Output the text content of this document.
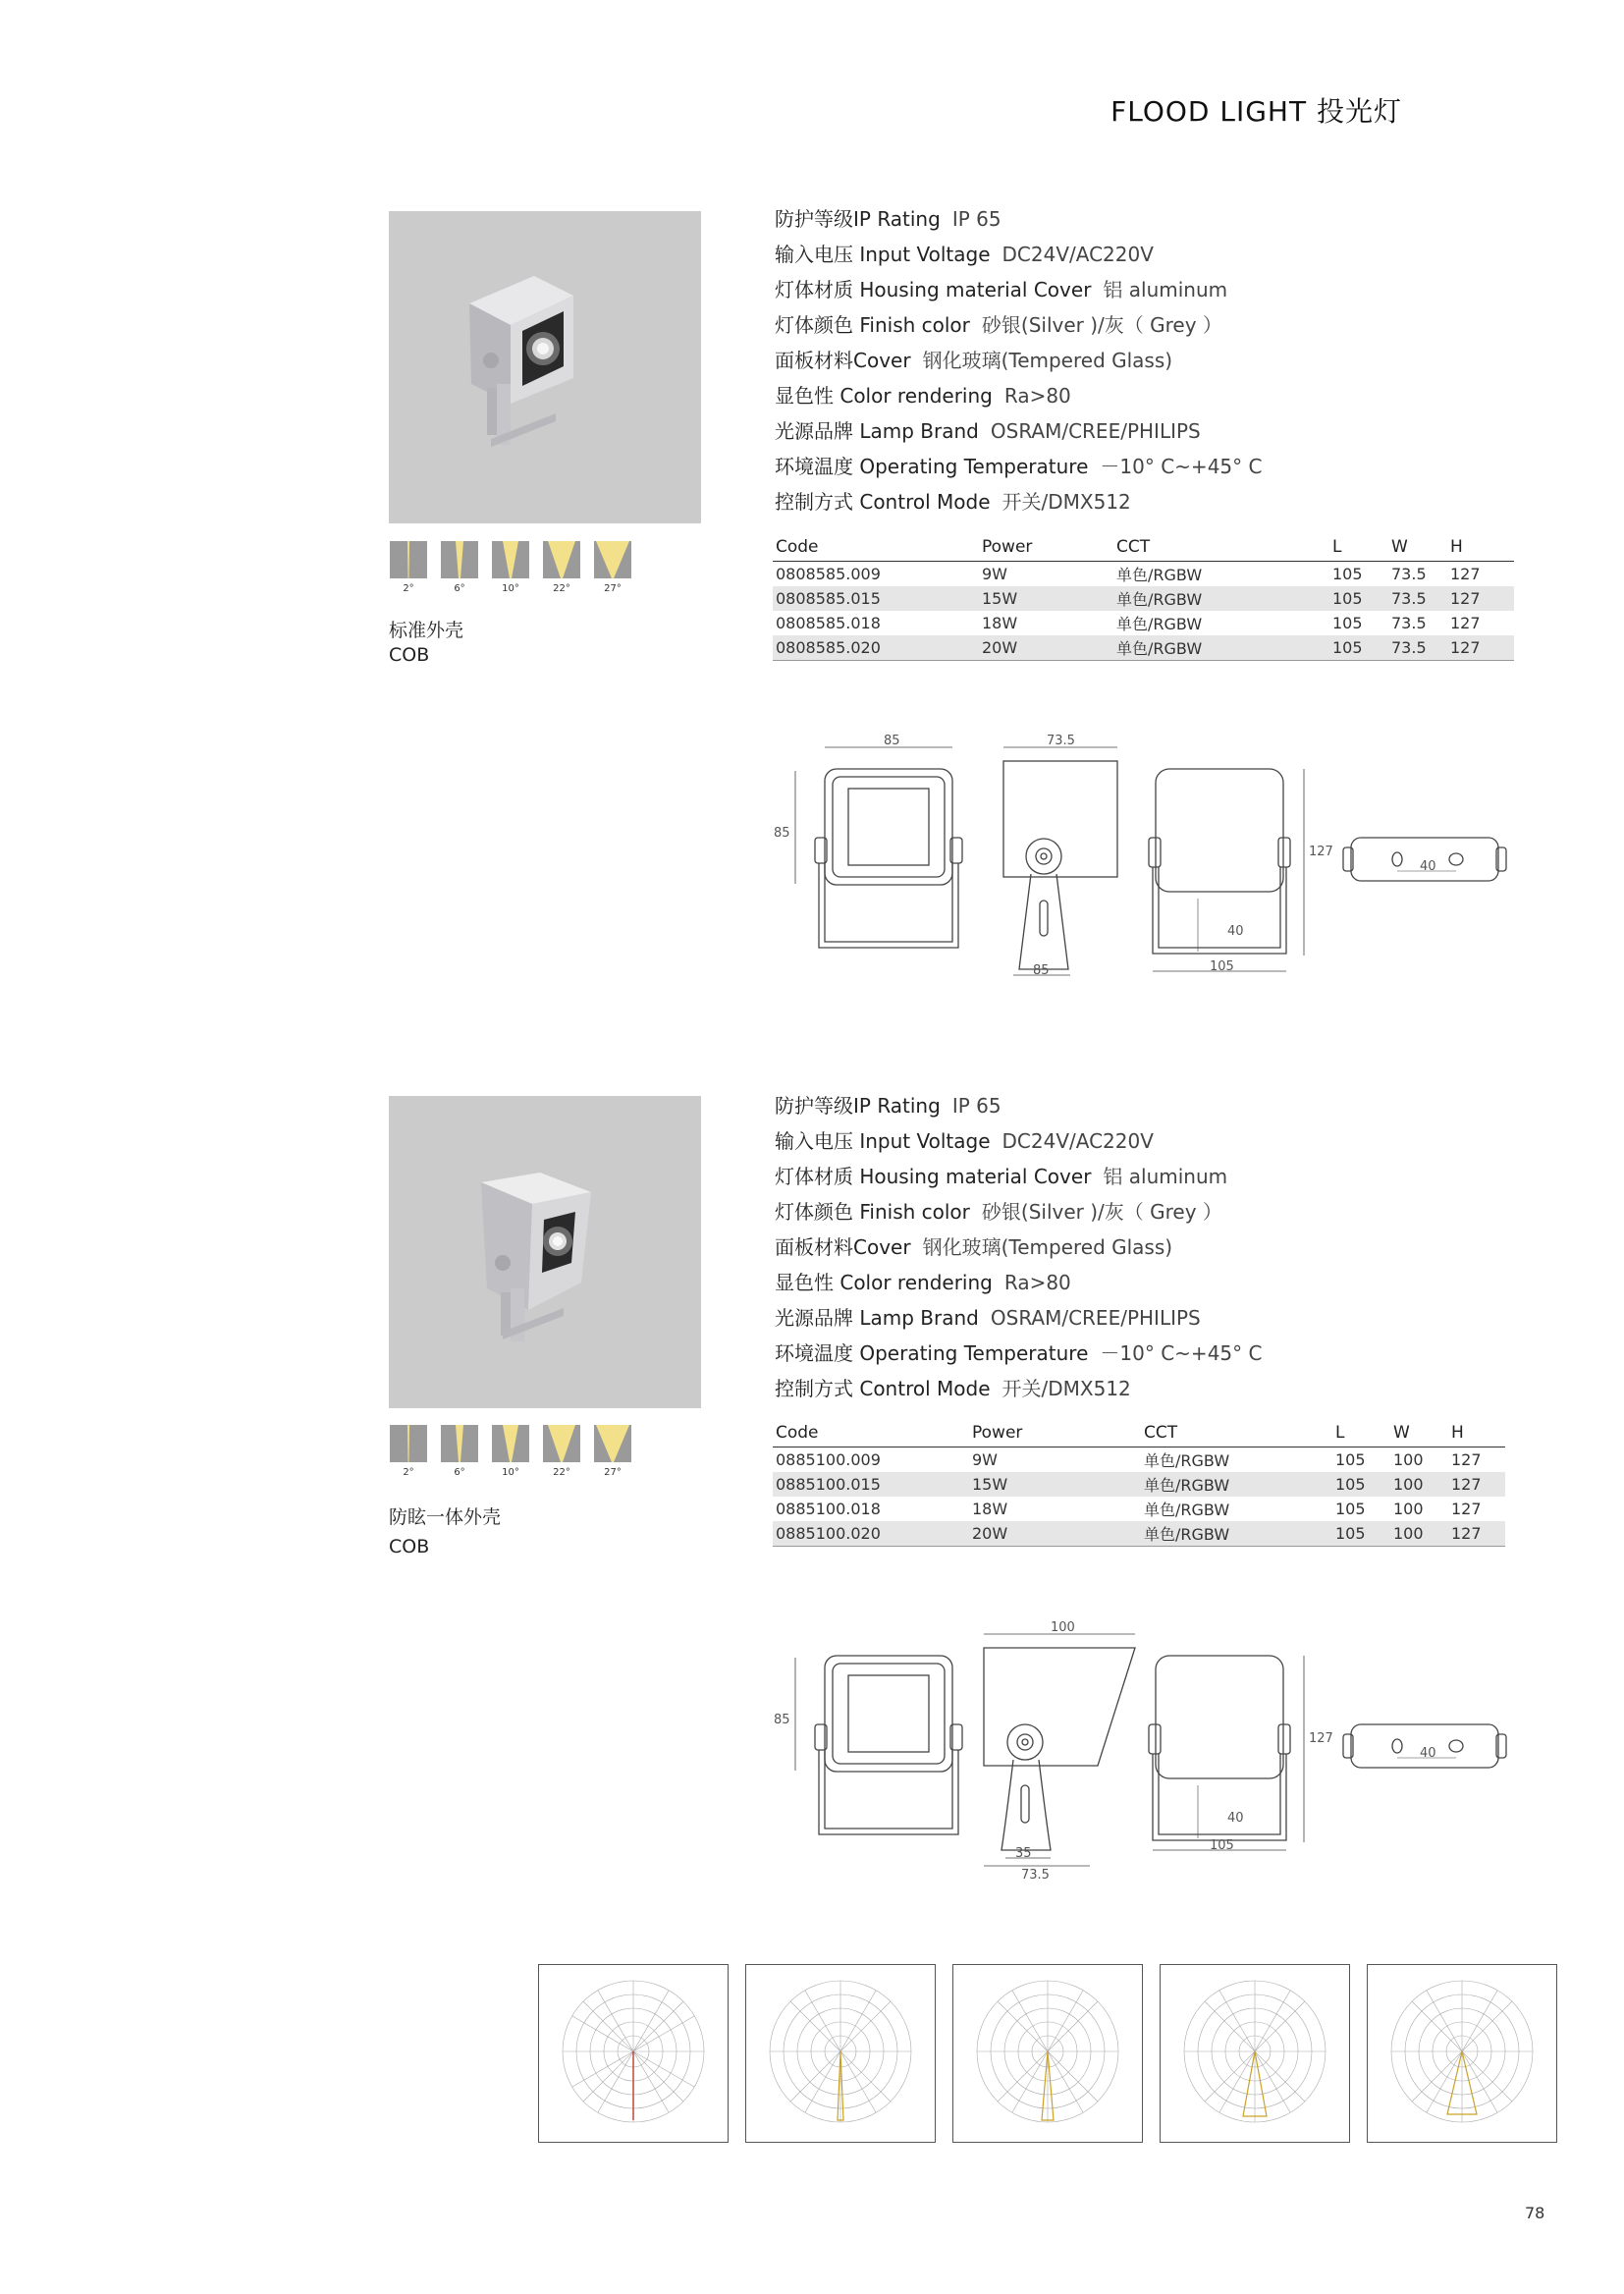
FLOOD LIGHT 投光灯
2°	6°	10°	22°	27°
标准外壳
COB
防护等级IP Rating IP 65
输入电压 Input Voltage DC24V/AC220V
灯体材质 Housing material Cover 铝 aluminum
灯体颜色 Finish color 砂银(Silver )/灰（ Grey ）
面板材料Cover 钢化玻璃(Tempered Glass)
显色性 Color rendering Ra>80
光源品牌 Lamp Brand OSRAM/CREE/PHILIPS
环境温度 Operating Temperature －10° C~+45° C
控制方式 Control Mode 开关/DMX512
Code	Power	CCT	L	W	H
0808585.009	9W	单色/RGBW	105	73.5	127
0808585.015	15W	单色/RGBW	105	73.5	127
0808585.018	18W	单色/RGBW	105	73.5	127
0808585.020	20W	单色/RGBW	105	73.5	127
85
85
73.5
85
40
127
105
40
2°	6°	10°	22°	27°
防眩一体外壳
COB
防护等级IP Rating IP 65
输入电压 Input Voltage DC24V/AC220V
灯体材质 Housing material Cover 铝 aluminum
灯体颜色 Finish color 砂银(Silver )/灰（ Grey ）
面板材料Cover 钢化玻璃(Tempered Glass)
显色性 Color rendering Ra>80
光源品牌 Lamp Brand OSRAM/CREE/PHILIPS
环境温度 Operating Temperature －10° C~+45° C
控制方式 Control Mode 开关/DMX512
Code	Power	CCT	L	W	H
0885100.009	9W	单色/RGBW	105	100	127
0885100.015	15W	单色/RGBW	105	100	127
0885100.018	18W	单色/RGBW	105	100	127
0885100.020	20W	单色/RGBW	105	100	127
85
100
35
73.5
40
127
105
40
78
